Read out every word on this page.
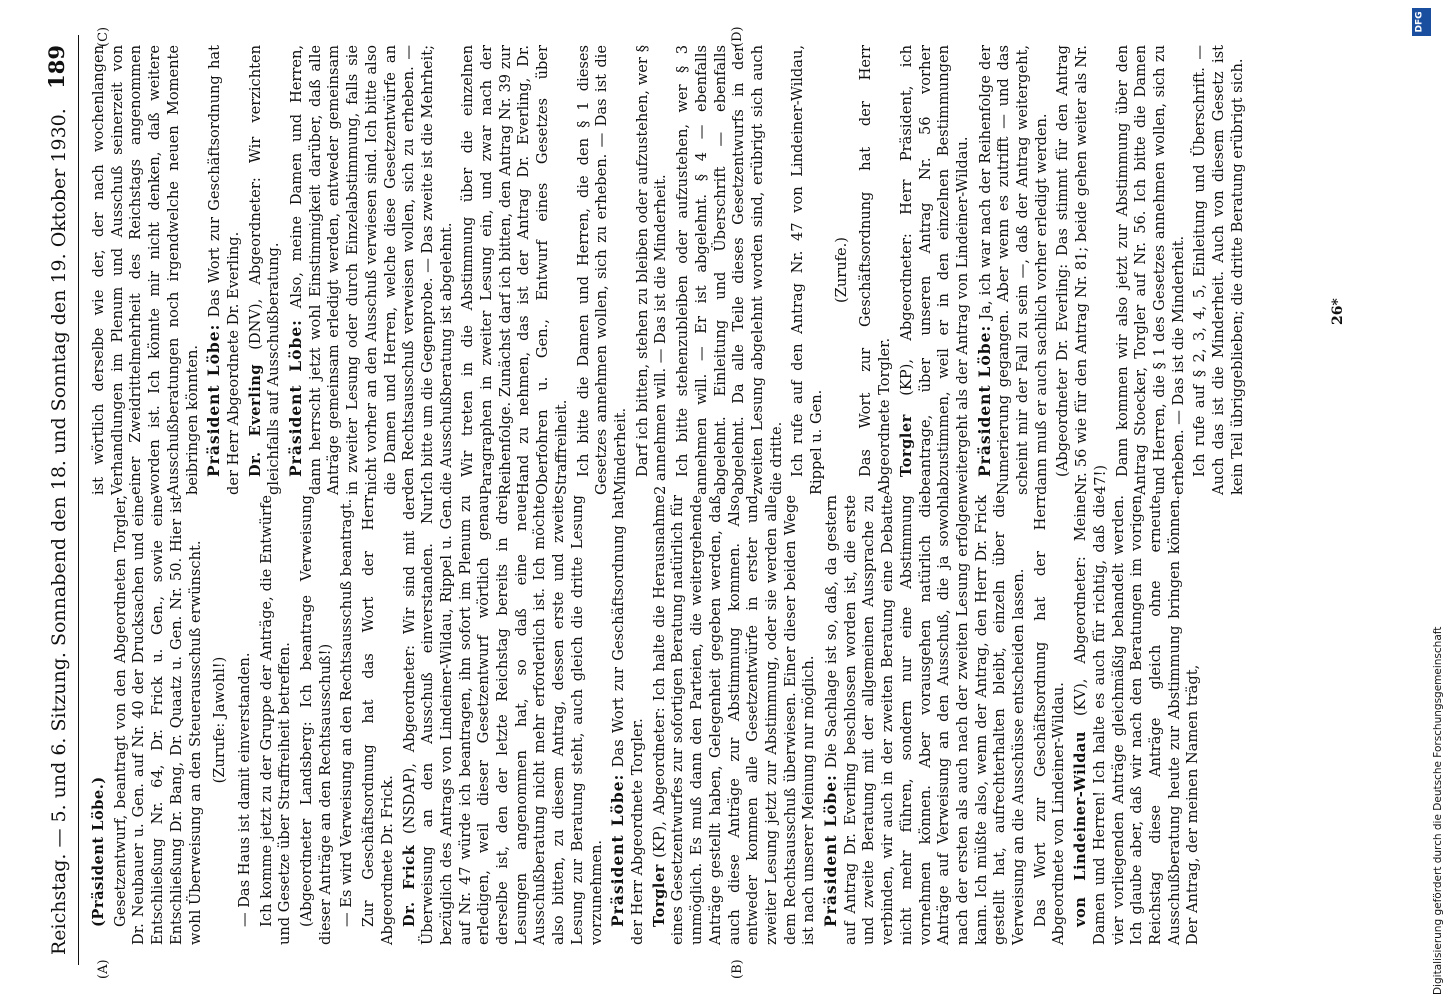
Reichstag. — 5. und 6. Sitzung. Sonnabend den 18. und Sonntag den 19. Oktober 1930.
189
(A)	(B)
(C)	(D)

(Präsident Löbe.) Gesetzentwurf, beantragt von den Abgeordneten Torgler, Dr. Neubauer u. Gen. auf Nr. 40 der Drucksachen und eine Entschließung Nr. 64, Dr. Frick u. Gen., sowie eine Entschließung Dr. Bang, Dr. Quaatz u. Gen. Nr. 50. Hier ist wohl Überweisung an den Steuerausschuß erwünscht. (Zurufe: Jawohl!) — Das Haus ist damit einverstanden. Ich komme jetzt zu der Gruppe der Anträge, die Entwürfe und Gesetze über Straffreiheit betreffen. (Abgeordneter Landsberg: Ich beantrage Verweisung dieser Anträge an den Rechtsausschuß!) — Es wird Verweisung an den Rechtsausschuß beantragt. Zur Geschäftsordnung hat das Wort der Herr Abgeordnete Dr. Frick. Dr. Frick (NSDAP), Abgeordneter: Wir sind mit der Überweisung an den Ausschuß einverstanden. Nur bezüglich des Antrags von Lindeiner-Wildau, Rippel u. Gen. auf Nr. 47 würde ich beantragen, ihn sofort im Plenum zu erledigen, weil dieser Gesetzentwurf wörtlich genau derselbe ist, den der letzte Reichstag bereits in drei Lesungen angenommen hat, so daß eine neue Ausschußberatung nicht mehr erforderlich ist. Ich möchte also bitten, zu diesem Antrag, dessen erste und zweite Lesung zur Beratung steht, auch gleich die dritte Lesung vorzunehmen. Präsident Löbe: Das Wort zur Geschäftsordnung hat der Herr Abgeordnete Torgler. Torgler (KP), Abgeordneter: Ich halte die Herausnahme eines Gesetzentwurfes zur sofortigen Beratung natürlich für unmöglich. Es muß dann den Parteien, die weitergehende Anträge gestellt haben, Gelegenheit gegeben werden, daß auch diese Anträge zur Abstimmung kommen. Also entweder kommen alle Gesetzentwürfe in erster und zweiter Lesung jetzt zur Abstimmung, oder sie werden alle dem Rechtsausschuß überwiesen. Einer dieser beiden Wege ist nach unserer Meinung nur möglich. Präsident Löbe: Die Sachlage ist so, daß, da gestern auf Antrag Dr. Everling beschlossen worden ist, die erste und zweite Beratung mit der allgemeinen Aussprache zu verbinden, wir auch in der zweiten Beratung eine Debatte nicht mehr führen, sondern nur eine Abstimmung vornehmen können. Aber vorausgehen natürlich die Anträge auf Verweisung an den Ausschuß, die ja sowohl nach der ersten als auch nach der zweiten Lesung erfolgen kann. Ich müßte also, wenn der Antrag, den Herr Dr. Frick gestellt hat, aufrechterhalten bleibt, einzeln über die Verweisung an die Ausschüsse entscheiden lassen. Das Wort zur Geschäftsordnung hat der Herr Abgeordnete von Lindeiner-Wildau. von Lindeiner-Wildau (KV), Abgeordneter: Meine Damen und Herren! Ich halte es auch für richtig, daß die vier vorliegenden Anträge gleichmäßig behandelt werden. Ich glaube aber, daß wir nach den Beratungen im vorigen Reichstag diese Anträge gleich ohne erneute Ausschußberatung heute zur Abstimmung bringen können. Der Antrag, der meinen Namen trägt,

ist wörtlich derselbe wie der, der nach wochenlangen Verhandlungen im Plenum und Ausschuß seinerzeit von einer Zweidrittelmehrheit des Reichstags angenommen worden ist. Ich könnte mir nicht denken, daß weitere Ausschußberatungen noch irgendwelche neuen Momente beibringen könnten. Präsident Löbe: Das Wort zur Geschäftsordnung hat der Herr Abgeordnete Dr. Everling. Dr. Everling (DNV), Abgeordneter: Wir verzichten gleichfalls auf Ausschußberatung. Präsident Löbe: Also, meine Damen und Herren, dann herrscht jetzt wohl Einstimmigkeit darüber, daß alle Anträge gemeinsam erledigt werden, entweder gemeinsam in zweiter Lesung oder durch Einzelabstimmung, falls sie nicht vorher an den Ausschuß verwiesen sind. Ich bitte also die Damen und Herren, welche diese Gesetzentwürfe an den Rechtsausschuß verweisen wollen, sich zu erheben. — Ich bitte um die Gegenprobe. — Das zweite ist die Mehrheit; die Ausschußberatung ist abgelehnt. Wir treten in die Abstimmung über die einzelnen Paragraphen in zweiter Lesung ein, und zwar nach der Reihenfolge. Zunächst darf ich bitten, den Antrag Nr. 39 zur Hand zu nehmen, das ist der Antrag Dr. Everling, Dr. Oberfohren u. Gen., Entwurf eines Gesetzes über Straffreiheit. Ich bitte die Damen und Herren, die den § 1 dieses Gesetzes annehmen wollen, sich zu erheben. — Das ist die Minderheit. Darf ich bitten, stehen zu bleiben oder aufzustehen, wer § 2 annehmen will. — Das ist die Minderheit. Ich bitte stehenzubleiben oder aufzustehen, wer § 3 annehmen will. — Er ist abgelehnt. § 4 — ebenfalls abgelehnt. Einleitung und Überschrift — ebenfalls abgelehnt. Da alle Teile dieses Gesetzentwurfs in der zweiten Lesung abgelehnt worden sind, erübrigt sich auch die dritte. Ich rufe auf den Antrag Nr. 47 von Lindeiner-Wildau, Rippel u. Gen.

(Zurufe.) Das Wort zur Geschäftsordnung hat der Herr Abgeordnete Torgler. Torgler (KP), Abgeordneter: Herr Präsident, ich beantrage, über unseren Antrag Nr. 56 vorher abzustimmen, weil er in den einzelnen Bestimmungen weitergeht als der Antrag von Lindeiner-Wildau. Präsident Löbe: Ja, ich war nach der Reihenfolge der Numerierung gegangen. Aber wenn es zutrifft — und das scheint mir der Fall zu sein —, daß der Antrag weitergeht, dann muß er auch sachlich vorher erledigt werden. (Abgeordneter Dr. Everling: Das stimmt für den Antrag Nr. 56 wie für den Antrag Nr. 81; beide gehen weiter als Nr. 47!)

Dann kommen wir also jetzt zur Abstimmung über den Antrag Stoecker, Torgler auf Nr. 56. Ich bitte die Damen und Herren, die § 1 des Gesetzes annehmen wollen, sich zu erheben. — Das ist die Minderheit. Ich rufe auf § 2, 3, 4, 5, Einleitung und Überschrift. — Auch das ist die Minderheit. Auch von diesem Gesetz ist kein Teil übriggeblieben; die dritte Beratung erübrigt sich.	26*
DFG
Digitalisierung gefördert durch die Deutsche Forschungsgemeinschaft
